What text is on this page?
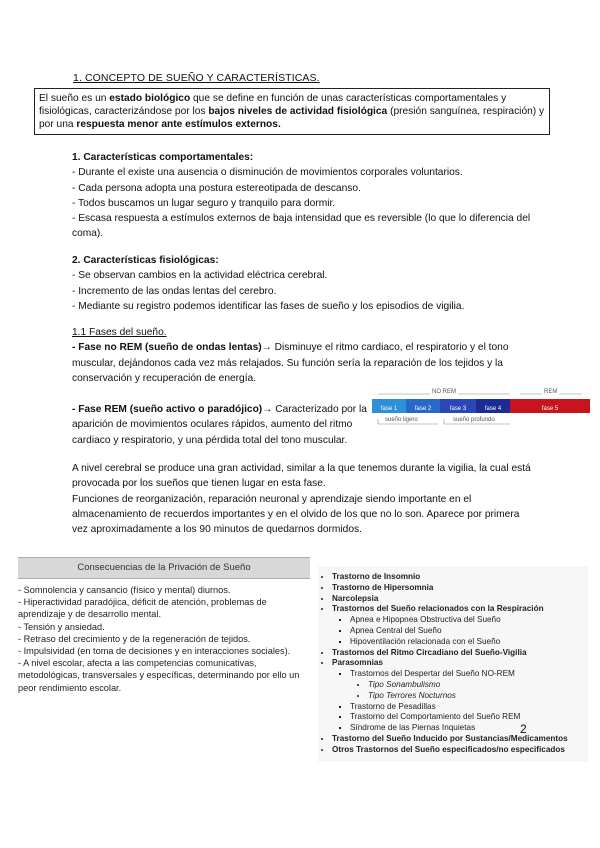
1. CONCEPTO DE SUEÑO Y CARACTERÍSTICAS.
El sueño es un estado biológico que se define en función de unas características comportamentales y fisiológicas, caracterizándose por los bajos niveles de actividad fisiológica (presión sanguínea, respiración) y por una respuesta menor ante estímulos externos.

1. Características comportamentales:

- Durante el existe una ausencia o disminución de movimientos corporales voluntarios.

- Cada persona adopta una postura estereotipada de descanso.

- Todos buscamos un lugar seguro y tranquilo para dormir.

- Escasa respuesta a estímulos externos de baja intensidad que es reversible (lo que lo diferencia del coma).

2. Características fisiológicas:

- Se observan cambios en la actividad eléctrica cerebral.

- Incremento de las ondas lentas del cerebro.

- Mediante su registro podemos identificar las fases de sueño y los episodios de vigilia.

1.1 Fases del sueño.

- Fase no REM (sueño de ondas lentas)→ Disminuye el ritmo cardiaco, el respiratorio y el tono muscular, dejándonos cada vez más relajados. Su función sería la reparación de los tejidos y la conservación y recuperación de energía.

- Fase REM (sueño activo o paradójico)→ Caracterizado por la aparición de movimientos oculares rápidos, aumento del ritmo cardiaco y respiratorio, y una pérdida total del tono muscular.

A nivel cerebral se produce una gran actividad, similar a la que tenemos durante la vigilia, la cual está provocada por los sueños que tienen lugar en esta fase.

Funciones de reorganización, reparación neuronal y aprendizaje siendo importante en el almacenamiento de recuerdos importantes y en el olvido de los que no lo son. Aparece por primera vez aproximadamente a los 90 minutos de quedarnos dormidos.

NO REM	REM
fase 1	fase 2	fase 3	fase 4	fase 5
sueño ligero	sueño profundo
Consecuencias de la Privación de Sueño

- Somnolencia y cansancio (físico y mental) diurnos.

- Hiperactividad paradójica, déficit de atención, problemas de aprendizaje y de desarrollo mental.

- Tensión y ansiedad.

- Retraso del crecimiento y de la regeneración de tejidos.

- Impulsividad (en toma de decisiones y en interacciones sociales).

- A nivel escolar, afecta a las competencias comunicativas, metodológicas, transversales y específicas, determinando por ello un peor rendimiento escolar.

• Trastorno de Insomnio
• Trastorno de Hipersomnia
• Narcolepsia
• Trastornos del Sueño relacionados con la Respiración
▪ Apnea e Hipopnea Obstructiva del Sueño
▪ Apnea Central del Sueño
▪ Hipoventilación relacionada con el Sueño
• Trastornos del Ritmo Circadiano del Sueño-Vigilia
• Parasomnias
▪ Trastornos del Despertar del Sueño NO-REM
• Tipo Sonambulismo
• Tipo Terrores Nocturnos
▪ Trastorno de Pesadillas
▪ Trastorno del Comportamiento del Sueño REM
▪ Síndrome de las Piernas Inquietas
• Trastorno del Sueño Inducido por Sustancias/Medicamentos
• Otros Trastornos del Sueño especificados/no especificados
2
